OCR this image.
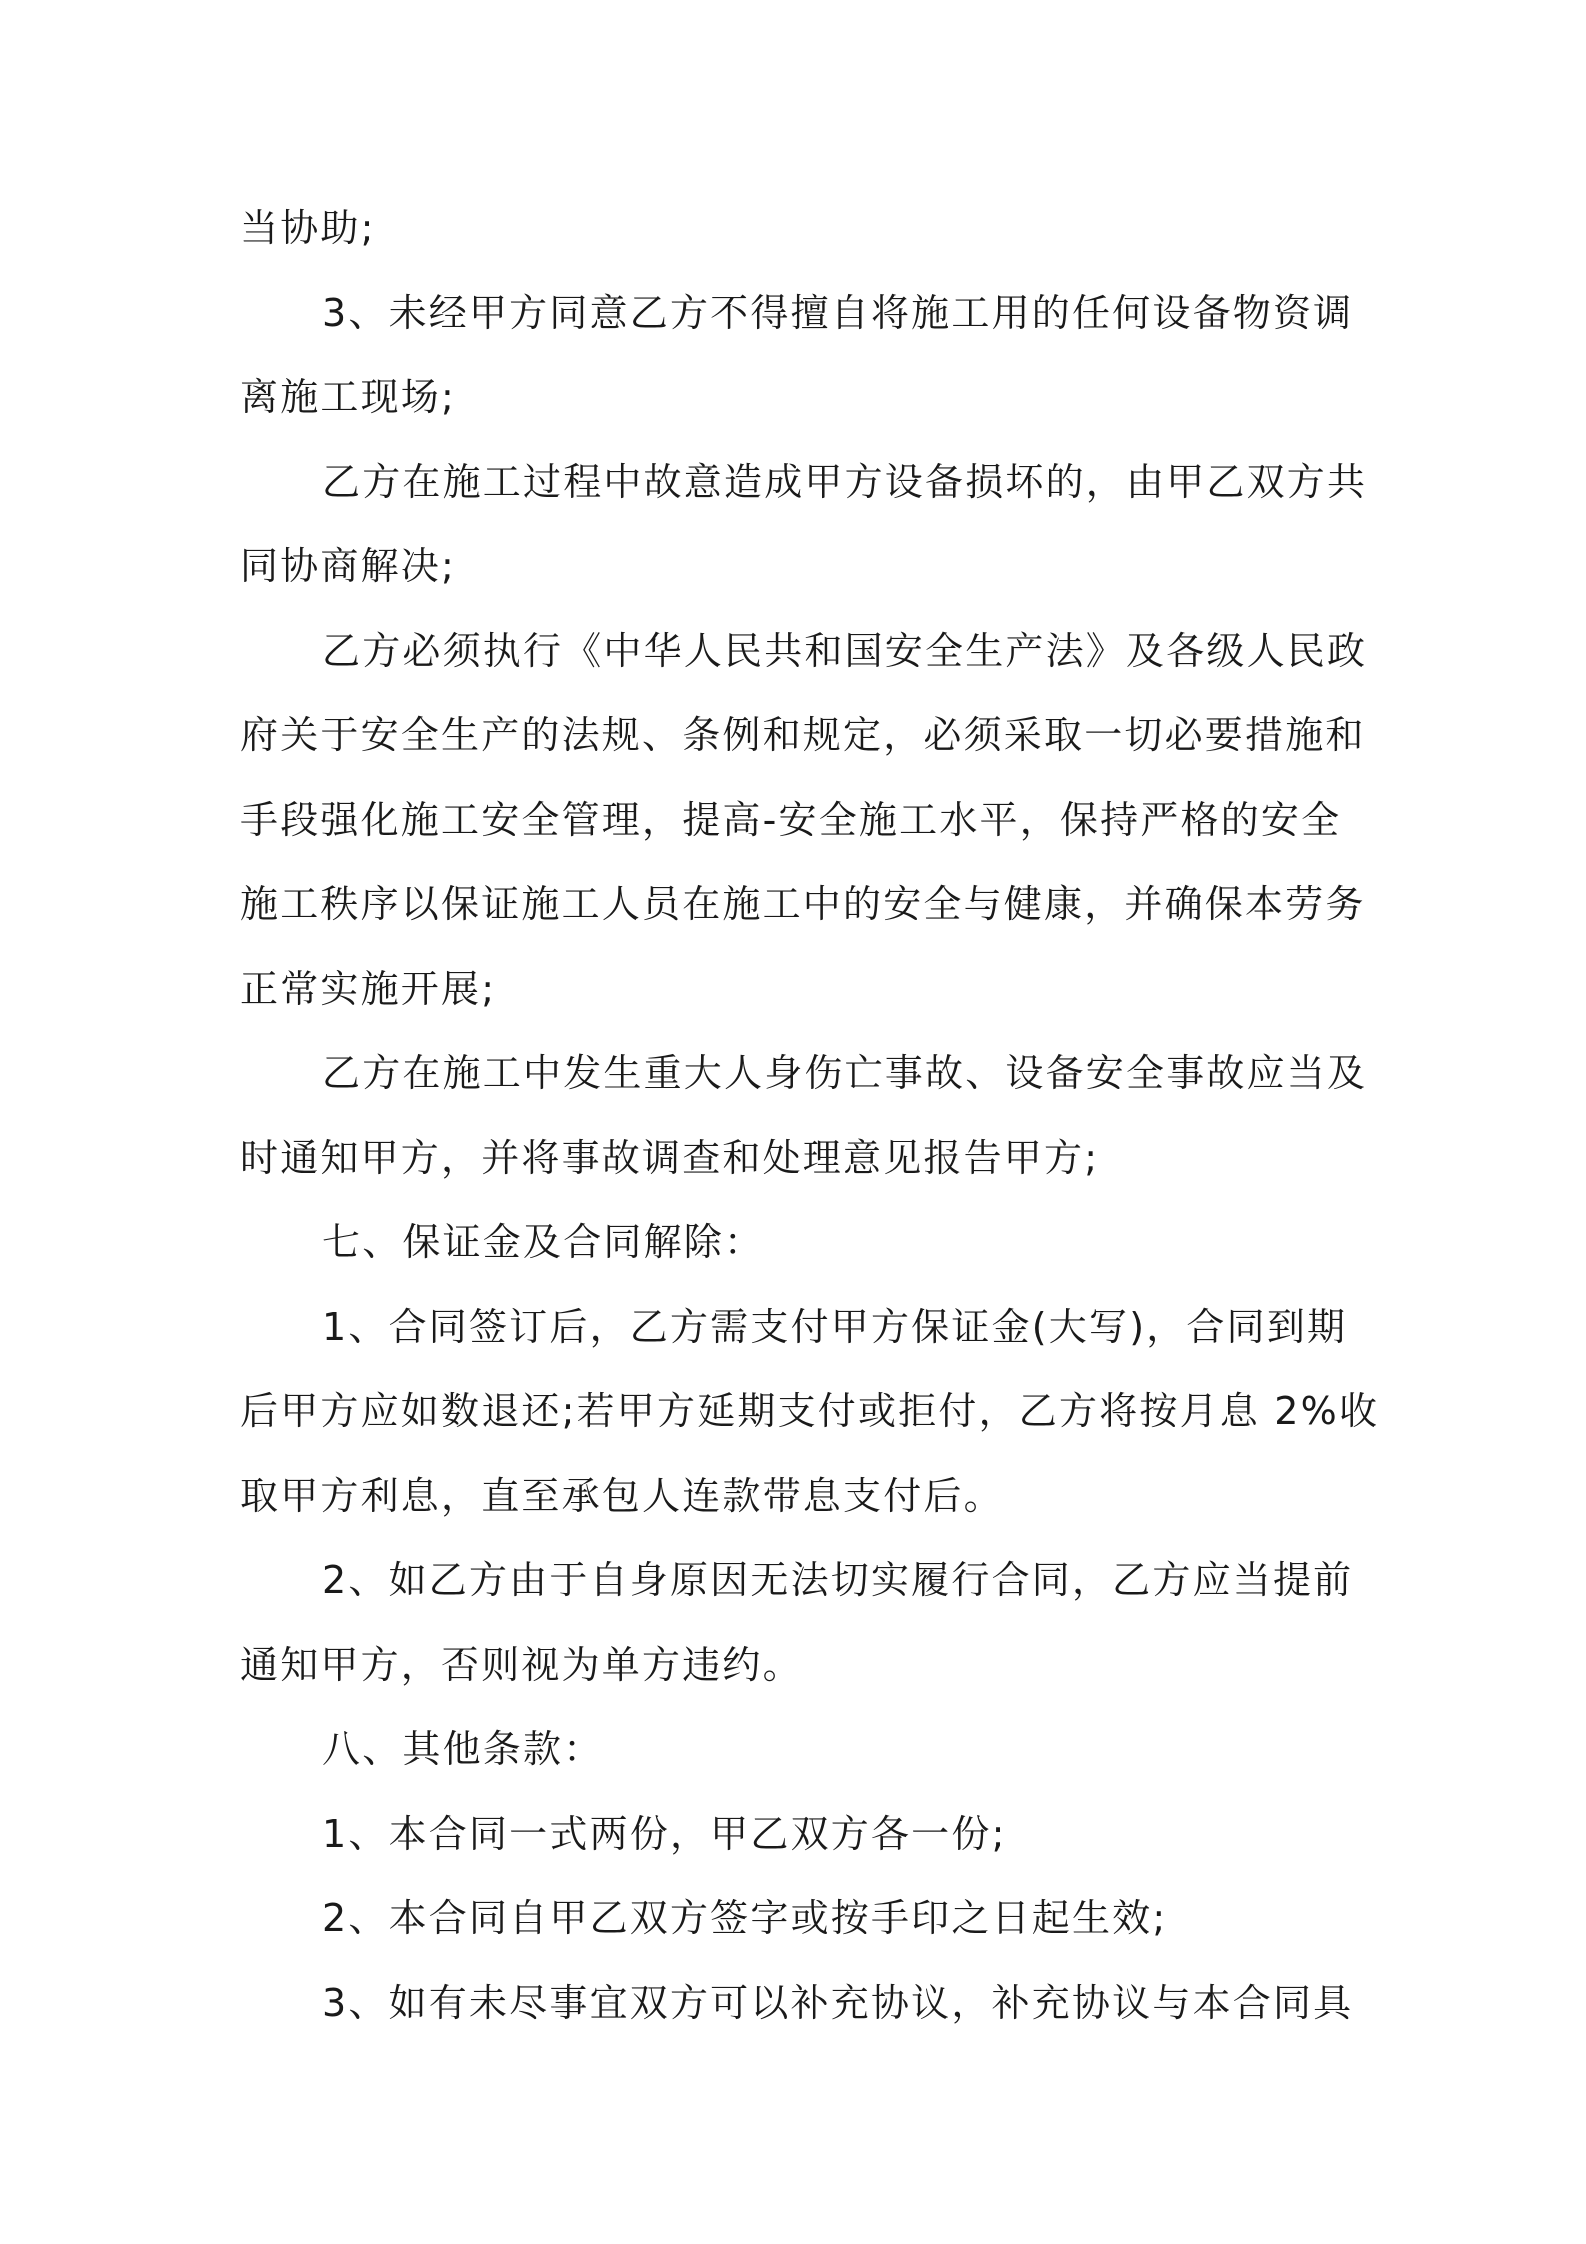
当协助;
3、未经甲方同意乙方不得擅自将施工用的任何设备物资调
离施工现场;
乙方在施工过程中故意造成甲方设备损坏的，由甲乙双方共
同协商解决;
乙方必须执行《中华人民共和国安全生产法》及各级人民政
府关于安全生产的法规、条例和规定，必须采取一切必要措施和
手段强化施工安全管理，提高-安全施工水平，保持严格的安全
施工秩序以保证施工人员在施工中的安全与健康，并确保本劳务
正常实施开展;
乙方在施工中发生重大人身伤亡事故、设备安全事故应当及
时通知甲方，并将事故调查和处理意见报告甲方;
七、保证金及合同解除：
1、合同签订后，乙方需支付甲方保证金(大写)，合同到期
后甲方应如数退还;若甲方延期支付或拒付，乙方将按月息 2%收
取甲方利息，直至承包人连款带息支付后。
2、如乙方由于自身原因无法切实履行合同，乙方应当提前
通知甲方，否则视为单方违约。
八、其他条款：
1、本合同一式两份，甲乙双方各一份;
2、本合同自甲乙双方签字或按手印之日起生效;
3、如有未尽事宜双方可以补充协议，补充协议与本合同具
